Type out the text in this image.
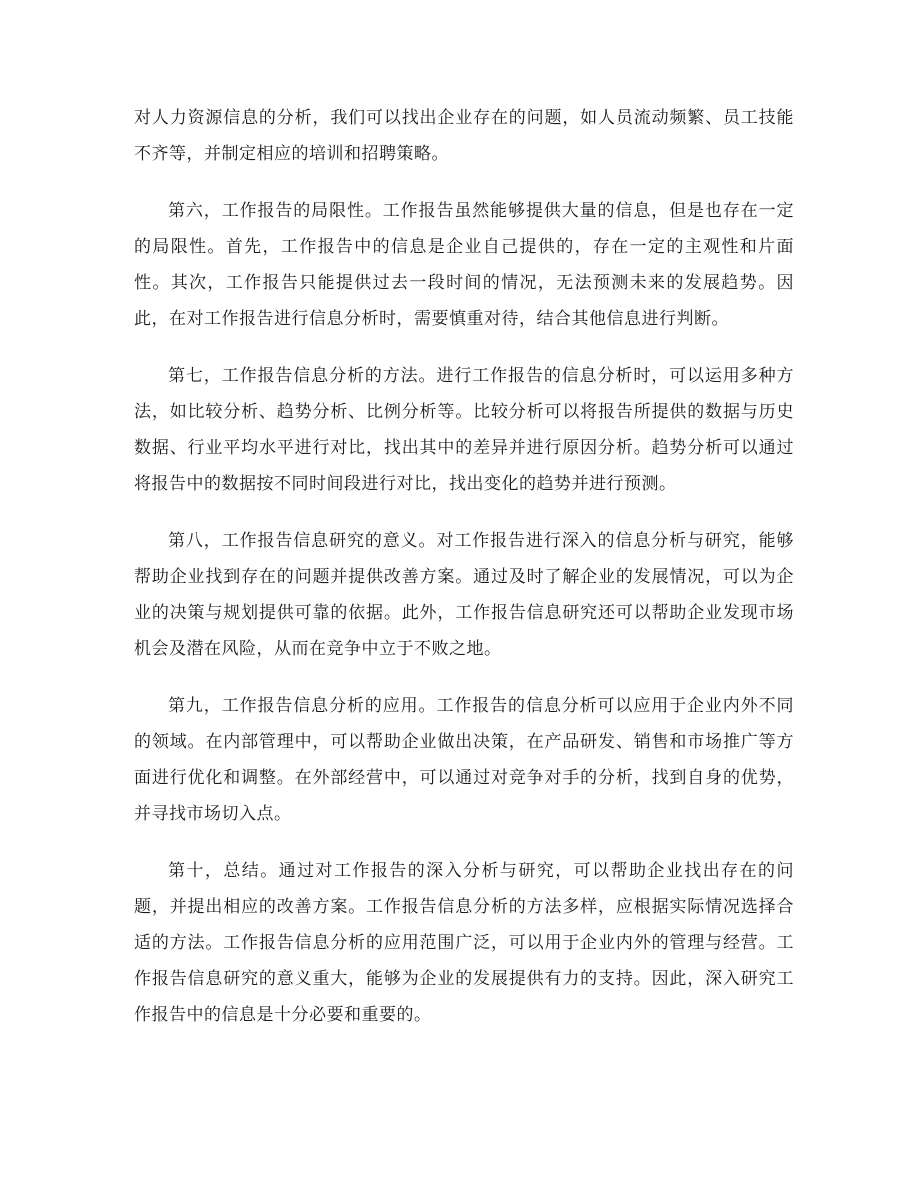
对人力资源信息的分析，我们可以找出企业存在的问题，如人员流动频繁、员工技能不齐等，并制定相应的培训和招聘策略。

第六，工作报告的局限性。工作报告虽然能够提供大量的信息，但是也存在一定的局限性。首先，工作报告中的信息是企业自己提供的，存在一定的主观性和片面性。其次，工作报告只能提供过去一段时间的情况，无法预测未来的发展趋势。因此，在对工作报告进行信息分析时，需要慎重对待，结合其他信息进行判断。

第七，工作报告信息分析的方法。进行工作报告的信息分析时，可以运用多种方法，如比较分析、趋势分析、比例分析等。比较分析可以将报告所提供的数据与历史数据、行业平均水平进行对比，找出其中的差异并进行原因分析。趋势分析可以通过将报告中的数据按不同时间段进行对比，找出变化的趋势并进行预测。

第八，工作报告信息研究的意义。对工作报告进行深入的信息分析与研究，能够帮助企业找到存在的问题并提供改善方案。通过及时了解企业的发展情况，可以为企业的决策与规划提供可靠的依据。此外，工作报告信息研究还可以帮助企业发现市场机会及潜在风险，从而在竞争中立于不败之地。

第九，工作报告信息分析的应用。工作报告的信息分析可以应用于企业内外不同的领域。在内部管理中，可以帮助企业做出决策，在产品研发、销售和市场推广等方面进行优化和调整。在外部经营中，可以通过对竞争对手的分析，找到自身的优势，并寻找市场切入点。

第十，总结。通过对工作报告的深入分析与研究，可以帮助企业找出存在的问题，并提出相应的改善方案。工作报告信息分析的方法多样，应根据实际情况选择合适的方法。工作报告信息分析的应用范围广泛，可以用于企业内外的管理与经营。工作报告信息研究的意义重大，能够为企业的发展提供有力的支持。因此，深入研究工作报告中的信息是十分必要和重要的。
